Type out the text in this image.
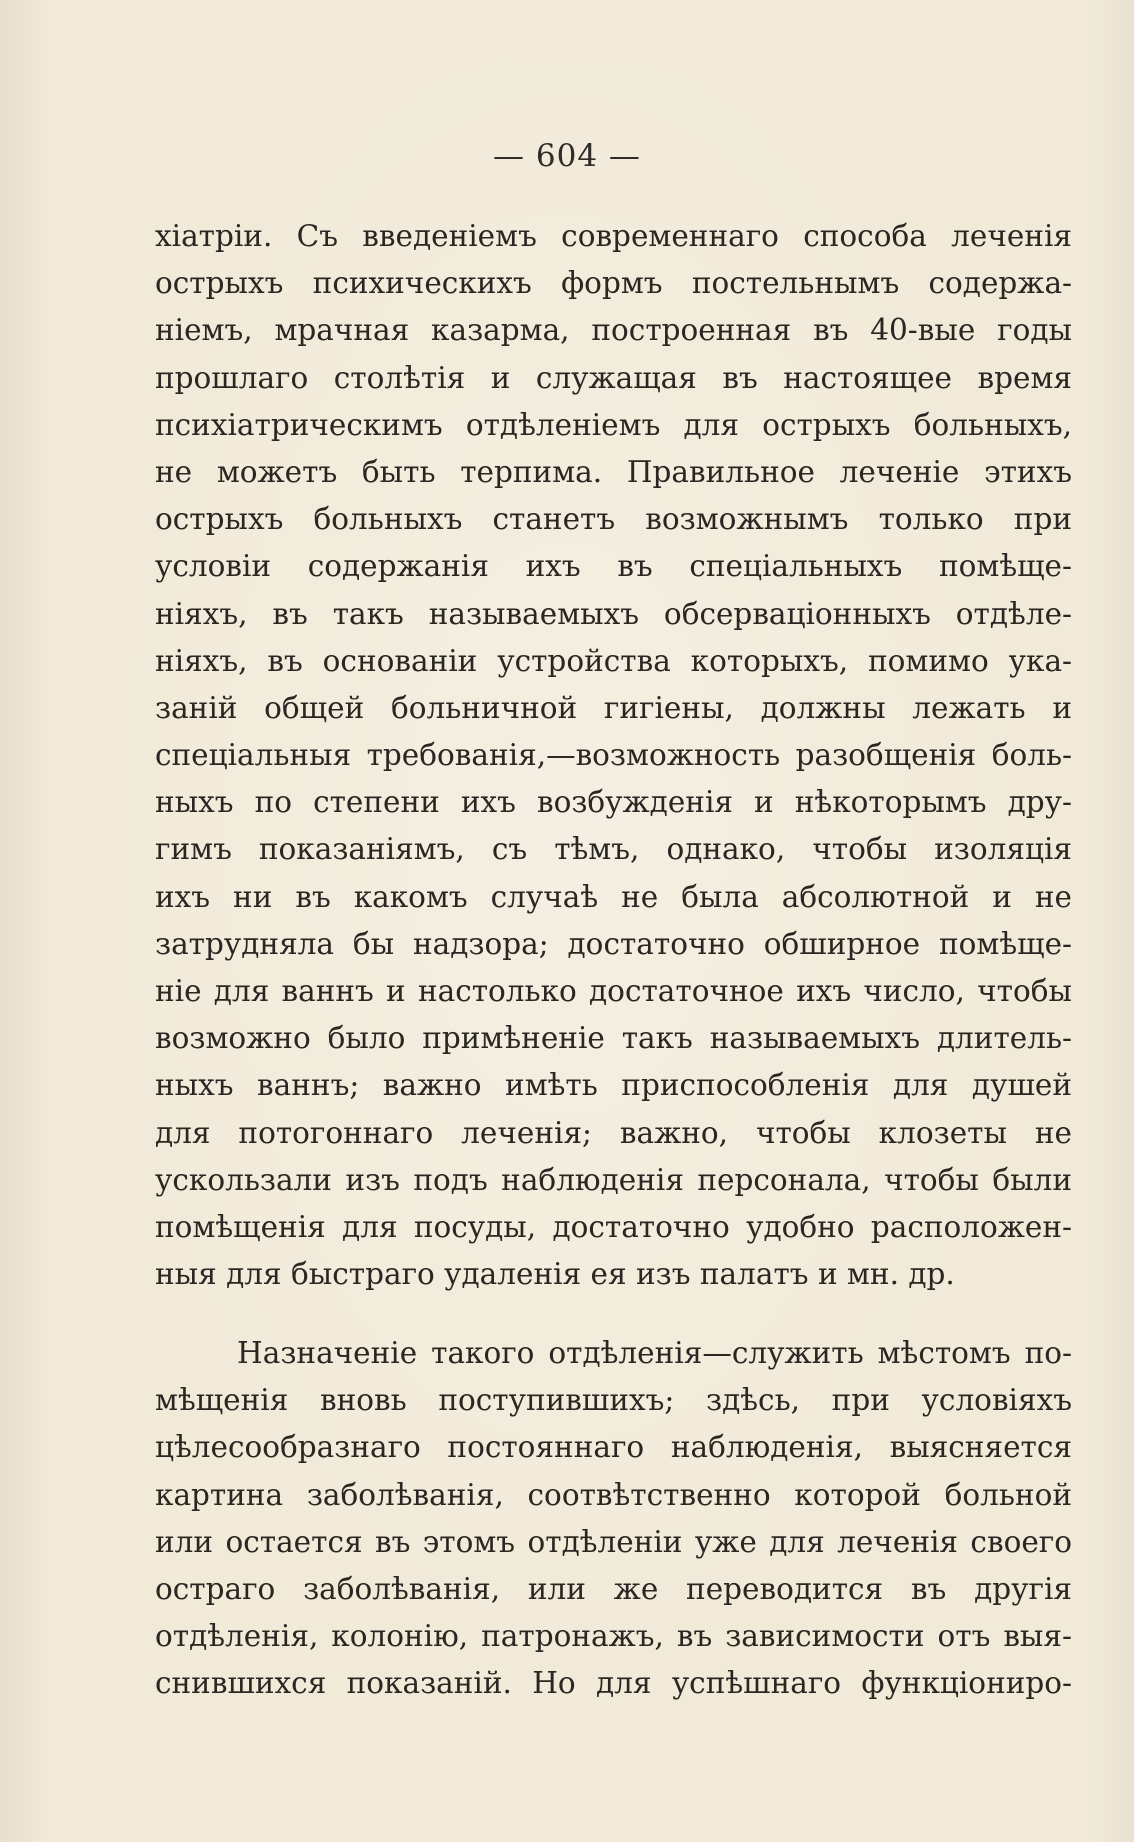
— 604 —
хіатріи. Съ введеніемъ современнаго способа леченія
острыхъ психическихъ формъ постельнымъ содержа-
ніемъ, мрачная казарма, построенная въ 40-вые годы
прошлаго столѣтія и служащая въ настоящее время
психіатрическимъ отдѣленіемъ для острыхъ больныхъ,
не можетъ быть терпима. Правильное леченіе этихъ
острыхъ больныхъ станетъ возможнымъ только при
условіи содержанія ихъ въ спеціальныхъ помѣще-
ніяхъ, въ такъ называемыхъ обсерваціонныхъ отдѣле-
ніяхъ, въ основаніи устройства которыхъ, помимо ука-
заній общей больничной гигіены, должны лежать и
спеціальныя требованія,—возможность разобщенія боль-
ныхъ по степени ихъ возбужденія и нѣкоторымъ дру-
гимъ показаніямъ, съ тѣмъ, однако, чтобы изоляція
ихъ ни въ какомъ случаѣ не была абсолютной и не
затрудняла бы надзора; достаточно обширное помѣще-
ніе для ваннъ и настолько достаточное ихъ число, чтобы
возможно было примѣненіе такъ называемыхъ длитель-
ныхъ ваннъ; важно имѣть приспособленія для душей
для потогоннаго леченія; важно, чтобы клозеты не
ускользали изъ подъ наблюденія персонала, чтобы были
помѣщенія для посуды, достаточно удобно расположен-
ныя для быстраго удаленія ея изъ палатъ и мн. др.
Назначеніе такого отдѣленія—служить мѣстомъ по-
мѣщенія вновь поступившихъ; здѣсь, при условіяхъ
цѣлесообразнаго постояннаго наблюденія, выясняется
картина заболѣванія, соотвѣтственно которой больной
или остается въ этомъ отдѣленіи уже для леченія своего
остраго заболѣванія, или же переводится въ другія
отдѣленія, колонію, патронажъ, въ зависимости отъ выя-
снившихся показаній. Но для успѣшнаго функціониро-
